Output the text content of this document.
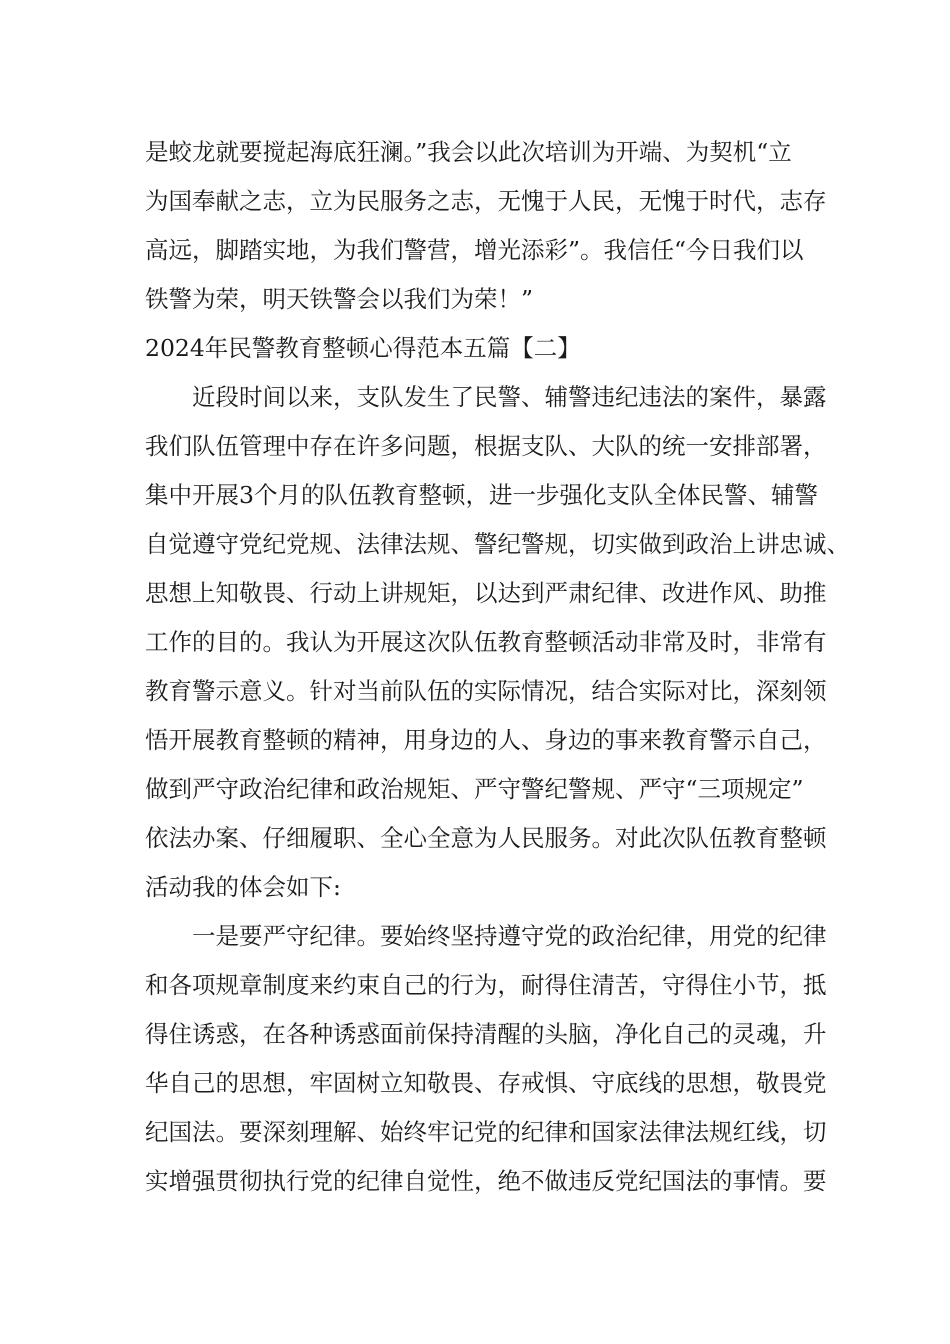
是蛟龙就要搅起海底狂澜。”我会以此次培训为开端、为契机“立
为国奉献之志，立为民服务之志，无愧于人民，无愧于时代，志存
高远，脚踏实地，为我们警营，增光添彩”。我信任“今日我们以
铁警为荣，明天铁警会以我们为荣！”
2024年民警教育整顿心得范本五篇【二】
近段时间以来，支队发生了民警、辅警违纪违法的案件，暴露
我们队伍管理中存在许多问题，根据支队、大队的统一安排部署，
集中开展3个月的队伍教育整顿，进一步强化支队全体民警、辅警
自觉遵守党纪党规、法律法规、警纪警规，切实做到政治上讲忠诚、
思想上知敬畏、行动上讲规矩，以达到严肃纪律、改进作风、助推
工作的目的。我认为开展这次队伍教育整顿活动非常及时，非常有
教育警示意义。针对当前队伍的实际情况，结合实际对比，深刻领
悟开展教育整顿的精神，用身边的人、身边的事来教育警示自己，
做到严守政治纪律和政治规矩、严守警纪警规、严守“三项规定”
依法办案、仔细履职、全心全意为人民服务。对此次队伍教育整顿
活动我的体会如下:
一是要严守纪律。要始终坚持遵守党的政治纪律，用党的纪律
和各项规章制度来约束自己的行为，耐得住清苦，守得住小节，抵
得住诱惑，在各种诱惑面前保持清醒的头脑，净化自己的灵魂，升
华自己的思想，牢固树立知敬畏、存戒惧、守底线的思想，敬畏党
纪国法。要深刻理解、始终牢记党的纪律和国家法律法规红线，切
实增强贯彻执行党的纪律自觉性，绝不做违反党纪国法的事情。要
